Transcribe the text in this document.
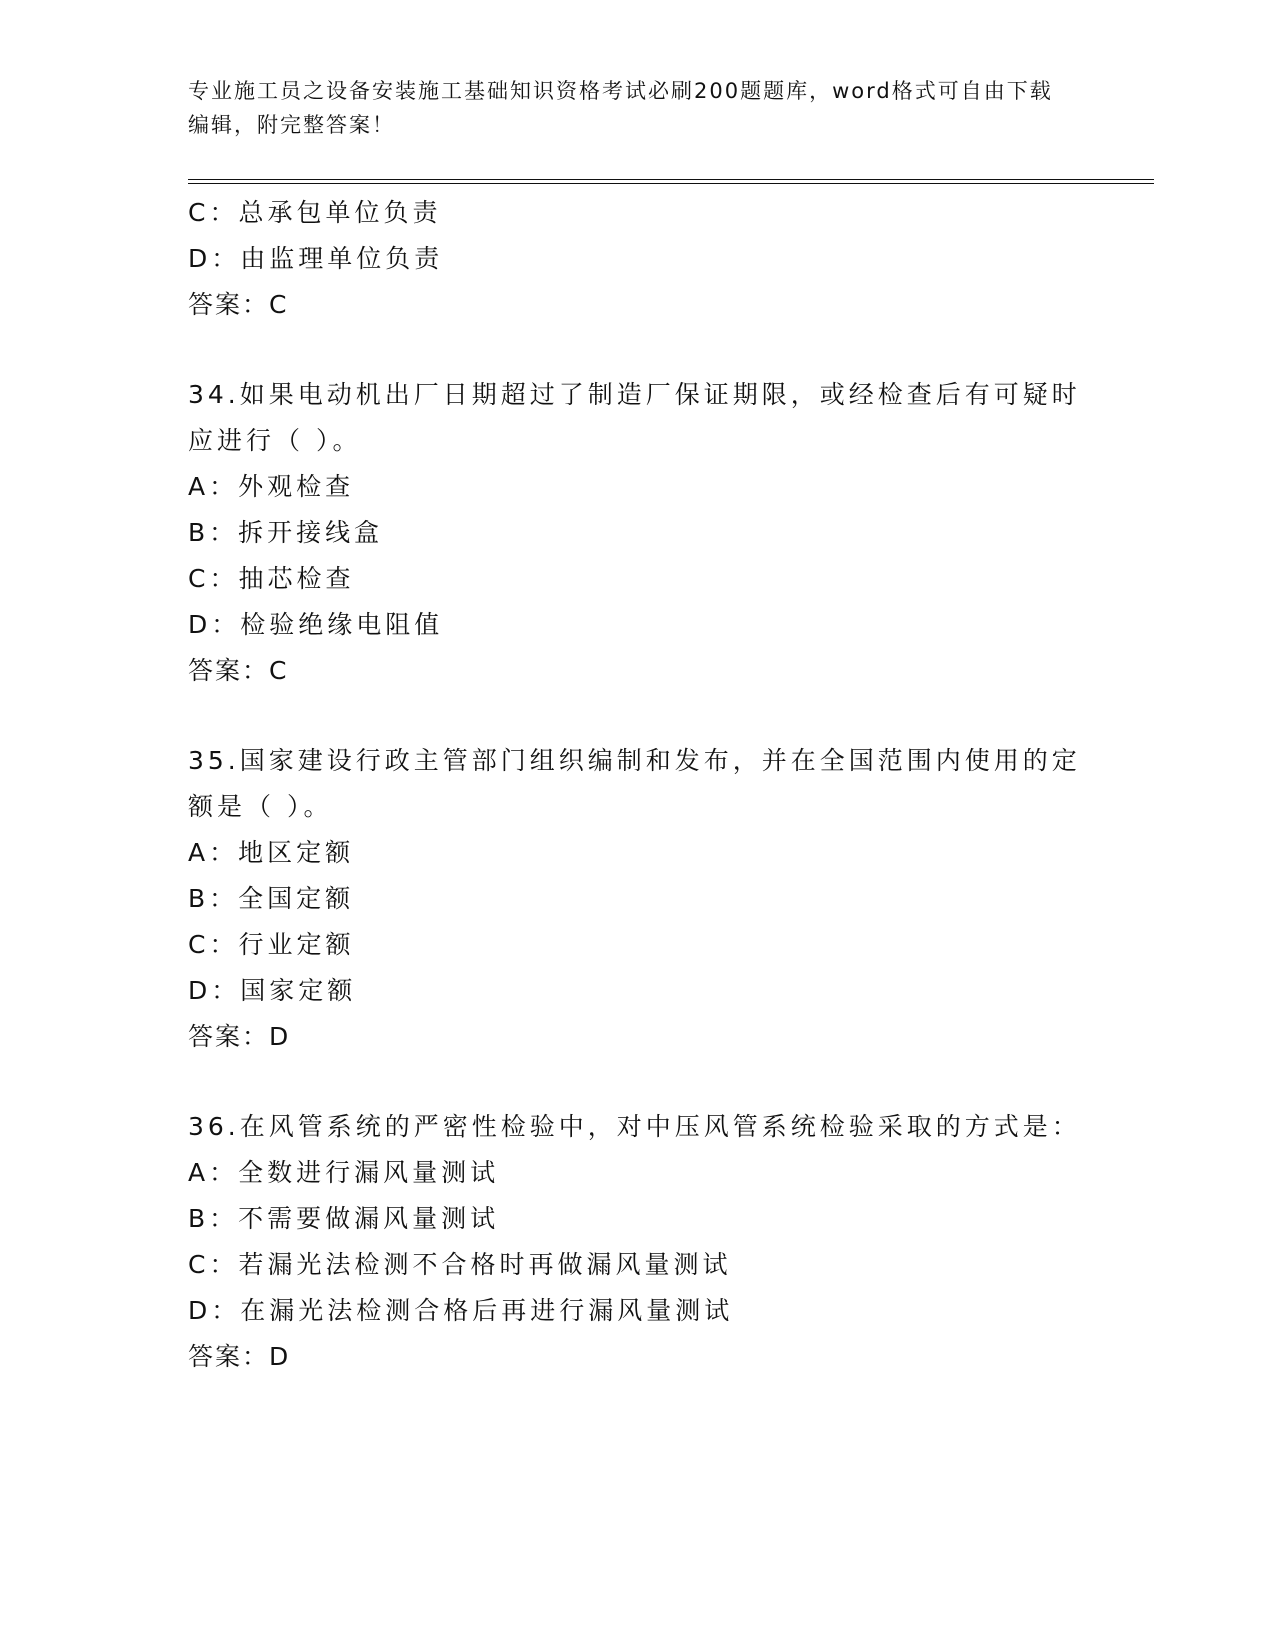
专业施工员之设备安装施工基础知识资格考试必刷200题题库，word格式可自由下载编辑，附完整答案！
C：总承包单位负责
D：由监理单位负责
答案：C
34.如果电动机出厂日期超过了制造厂保证期限，或经检查后有可疑时应进行（ ）。
A：外观检查
B：拆开接线盒
C：抽芯检查
D：检验绝缘电阻值
答案：C
35.国家建设行政主管部门组织编制和发布，并在全国范围内使用的定额是（ ）。
A：地区定额
B：全国定额
C：行业定额
D：国家定额
答案：D
36.在风管系统的严密性检验中，对中压风管系统检验采取的方式是：
A：全数进行漏风量测试
B：不需要做漏风量测试
C：若漏光法检测不合格时再做漏风量测试
D：在漏光法检测合格后再进行漏风量测试
答案：D
